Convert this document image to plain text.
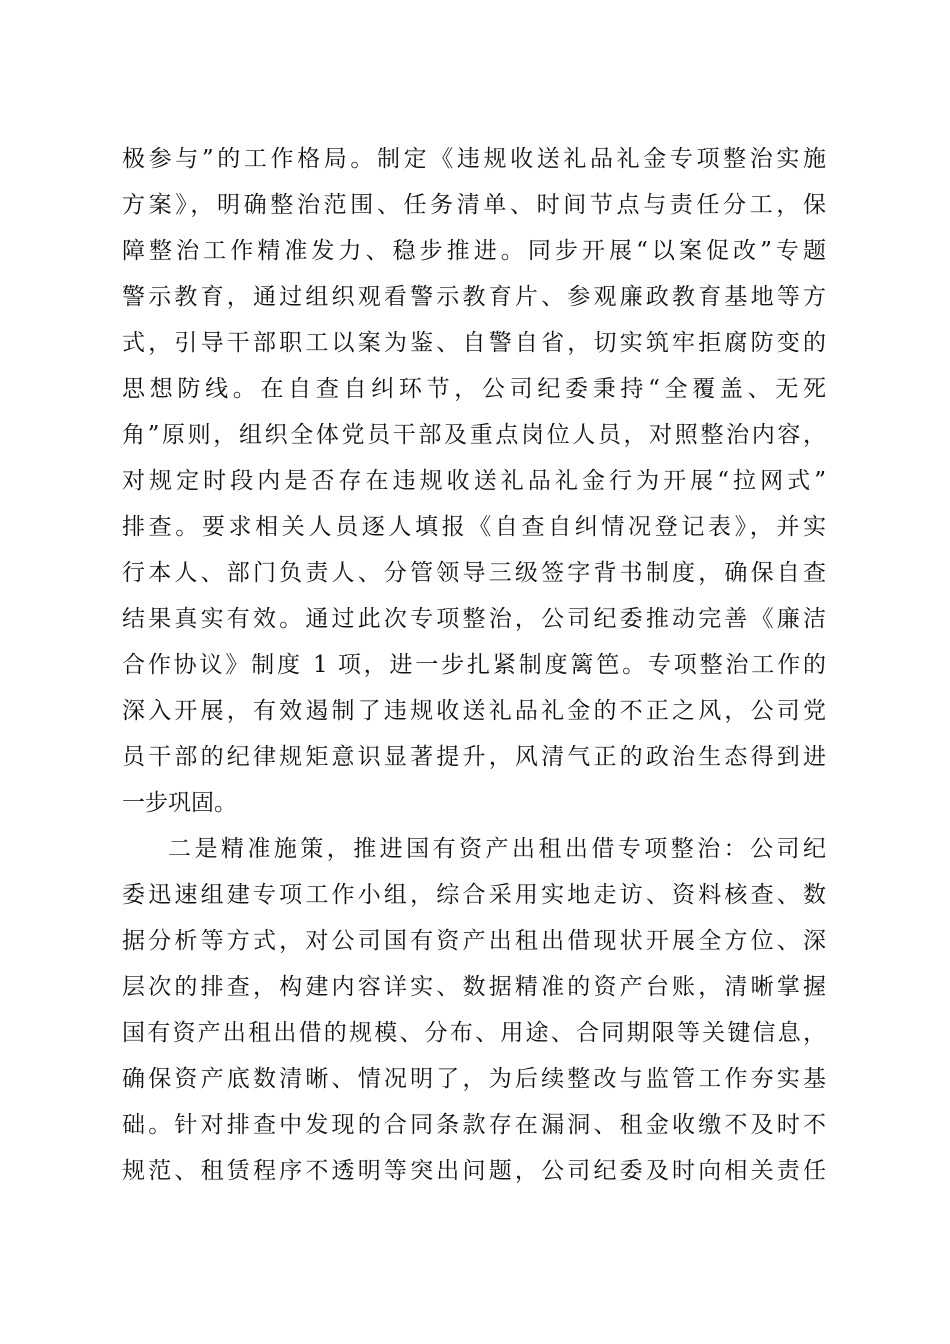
极参与”的工作格局。制定《违规收送礼品礼金专项整治实施
方案》，明确整治范围、任务清单、时间节点与责任分工，保
障整治工作精准发力、稳步推进。同步开展“以案促改”专题
警示教育，通过组织观看警示教育片、参观廉政教育基地等方
式，引导干部职工以案为鉴、自警自省，切实筑牢拒腐防变的
思想防线。在自查自纠环节，公司纪委秉持“全覆盖、无死
角”原则，组织全体党员干部及重点岗位人员，对照整治内容，
对规定时段内是否存在违规收送礼品礼金行为开展“拉网式”
排查。要求相关人员逐人填报《自查自纠情况登记表》，并实
行本人、部门负责人、分管领导三级签字背书制度，确保自查
结果真实有效。通过此次专项整治，公司纪委推动完善《廉洁
合作协议》制度 1 项，进一步扎紧制度篱笆。专项整治工作的
深入开展，有效遏制了违规收送礼品礼金的不正之风，公司党
员干部的纪律规矩意识显著提升，风清气正的政治生态得到进
一步巩固。
二是精准施策，推进国有资产出租出借专项整治：公司纪
委迅速组建专项工作小组，综合采用实地走访、资料核查、数
据分析等方式，对公司国有资产出租出借现状开展全方位、深
层次的排查，构建内容详实、数据精准的资产台账，清晰掌握
国有资产出租出借的规模、分布、用途、合同期限等关键信息，
确保资产底数清晰、情况明了，为后续整改与监管工作夯实基
础。针对排查中发现的合同条款存在漏洞、租金收缴不及时不
规范、租赁程序不透明等突出问题，公司纪委及时向相关责任
